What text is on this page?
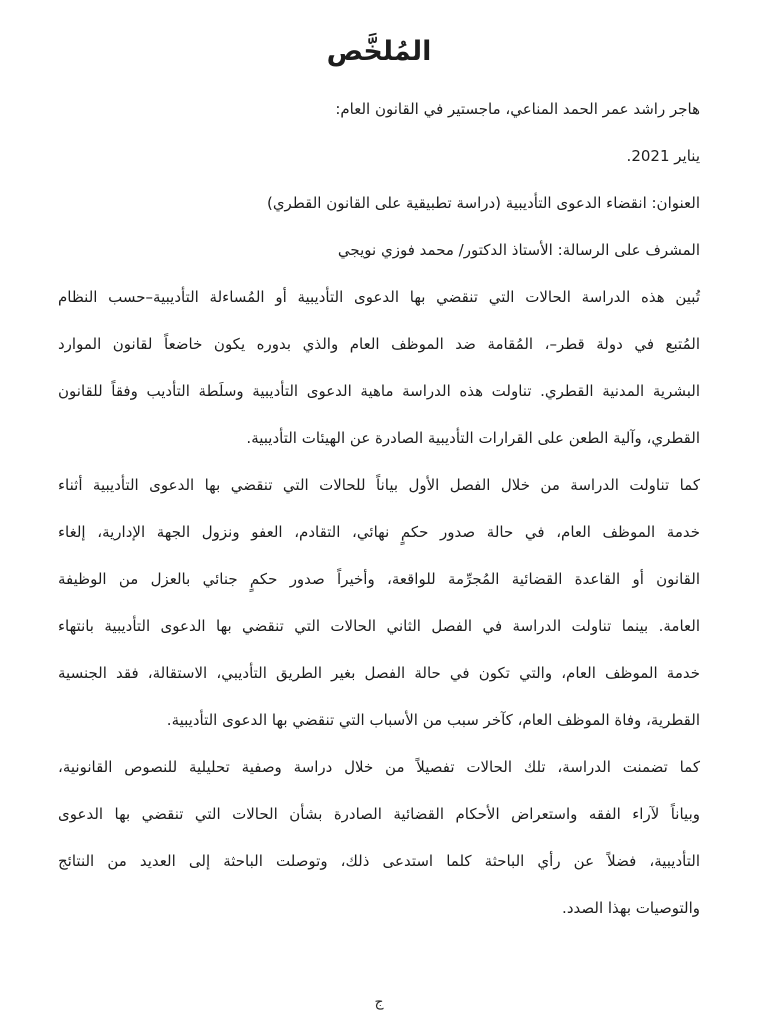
المُلخَّص

هاجر راشد عمر الحمد المناعي، ماجستير في القانون العام:

يناير 2021.

العنوان: انقضاء الدعوى التأديبية (دراسة تطبيقية على القانون القطري)

المشرف على الرسالة: الأستاذ الدكتور/ محمد فوزي نويجي

تُبين هذه الدراسة الحالات التي تنقضي بها الدعوى التأديبية أو المُساءلة التأديبية–حسب النظام

المُتبع في دولة قطر–، المُقامة ضد الموظف العام والذي بدوره يكون خاضعاً لقانون الموارد

البشرية المدنية القطري. تناولت هذه الدراسة ماهية الدعوى التأديبية وسلَطة التأديب وفقاً للقانون

القطري، وآلية الطعن على القرارات التأديبية الصادرة عن الهيئات التأديبية.

كما تناولت الدراسة من خلال الفصل الأول بياناً للحالات التي تنقضي بها الدعوى التأديبية أثناء

خدمة الموظف العام، في حالة صدور حكمٍ نهائي، التقادم، العفو ونزول الجهة الإدارية، إلغاء

القانون أو القاعدة القضائية المُجرِّمة للواقعة، وأخيراً صدور حكمٍ جنائي بالعزل من الوظيفة

العامة. بينما تناولت الدراسة في الفصل الثاني الحالات التي تنقضي بها الدعوى التأديبية بانتهاء

خدمة الموظف العام، والتي تكون في حالة الفصل بغير الطريق التأديبي، الاستقالة، فقد الجنسية

القطرية، وفاة الموظف العام، كآخر سبب من الأسباب التي تنقضي بها الدعوى التأديبية.

كما تضمنت الدراسة، تلك الحالات تفصيلاً من خلال دراسة وصفية تحليلية للنصوص القانونية،

وبياناً لآراء الفقه واستعراض الأحكام القضائية الصادرة بشأن الحالات التي تنقضي بها الدعوى

التأديبية، فضلاً عن رأي الباحثة كلما استدعى ذلك، وتوصلت الباحثة إلى العديد من النتائج

والتوصيات بهذا الصدد.

ج
